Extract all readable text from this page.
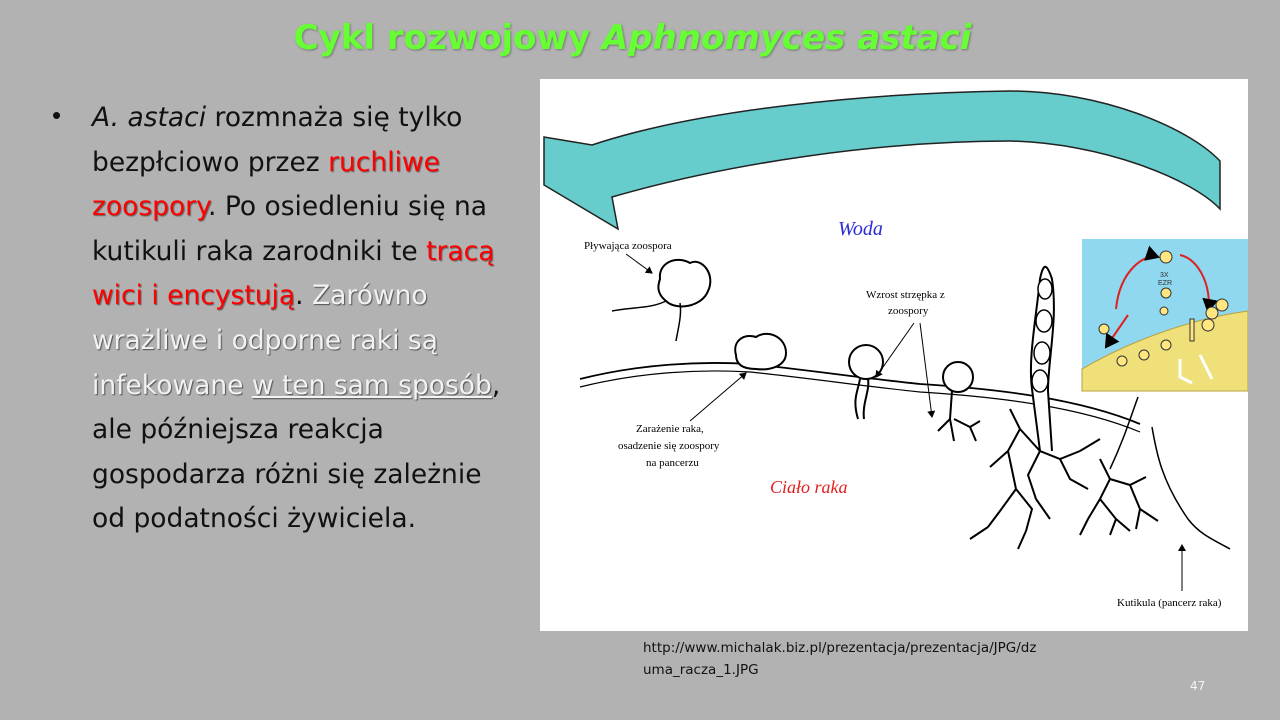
Cykl rozwojowy Aphnomyces astaci
• A. astaci rozmnaża się tylko bezpłciowo przez ruchliwe zoospory. Po osiedleniu się na kutikuli raka zarodniki te tracą wici i encystują. Zarówno wrażliwe i odporne raki są infekowane w ten sam sposób, ale późniejsza reakcja gospodarza różni się zależnie od podatności żywiciela.
Woda
Pływająca zoospora
Wzrost strzępka z
zoospory
Zarażenie raka,
osadzenie się zoospory
na pancerzu
Ciało raka
Kutikula (pancerz raka)
3X
EZR
http://www.michalak.biz.pl/prezentacja/prezentacja/JPG/dz
uma_racza_1.JPG
47
